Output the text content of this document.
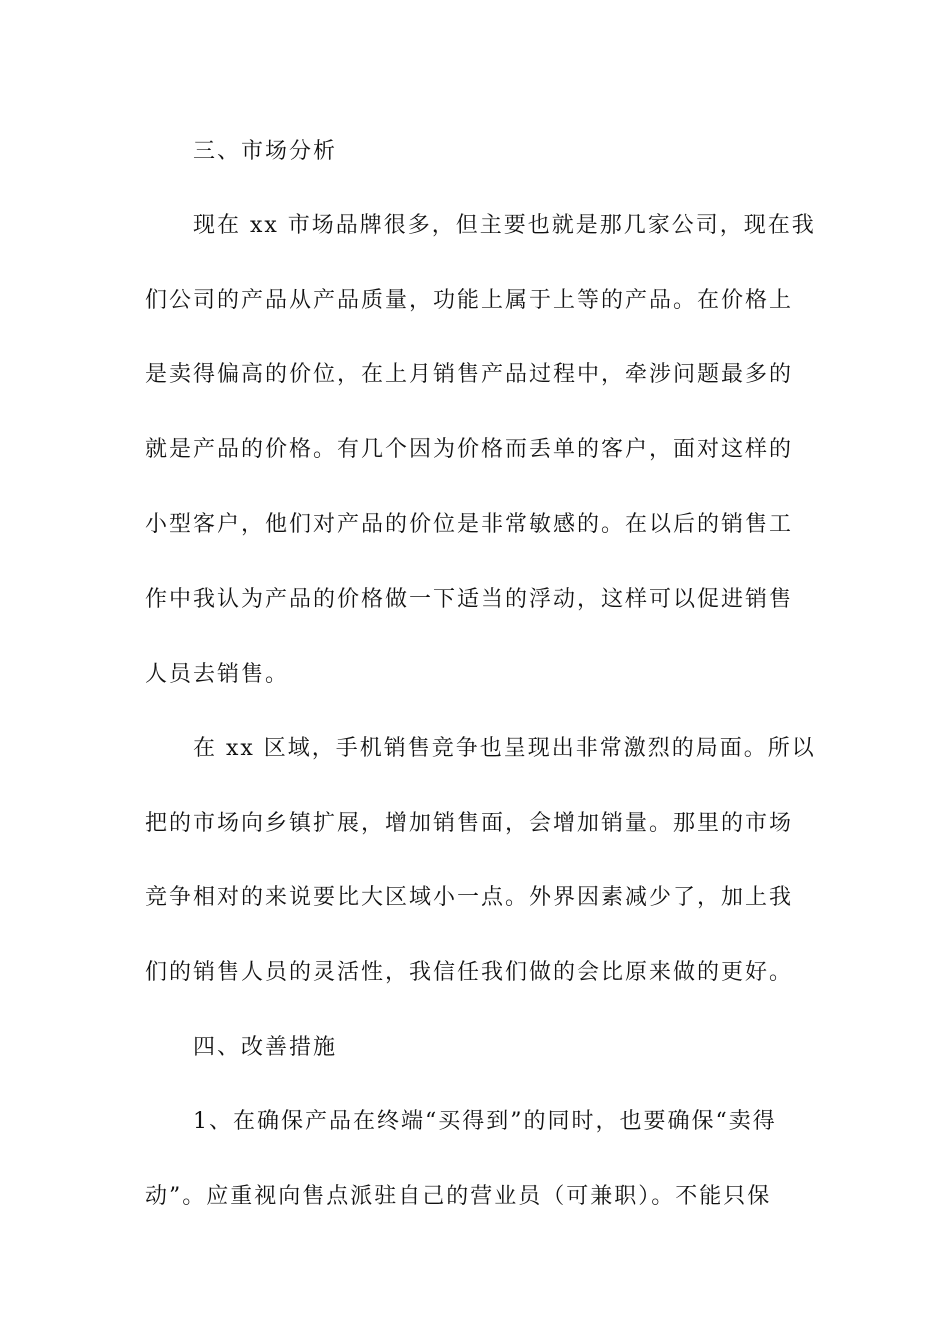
三、市场分析
现在 xx 市场品牌很多，但主要也就是那几家公司，现在我
们公司的产品从产品质量，功能上属于上等的产品。在价格上
是卖得偏高的价位，在上月销售产品过程中，牵涉问题最多的
就是产品的价格。有几个因为价格而丢单的客户，面对这样的
小型客户，他们对产品的价位是非常敏感的。在以后的销售工
作中我认为产品的价格做一下适当的浮动，这样可以促进销售
人员去销售。
在 xx 区域，手机销售竞争也呈现出非常激烈的局面。所以
把的市场向乡镇扩展，增加销售面，会增加销量。那里的市场
竞争相对的来说要比大区域小一点。外界因素减少了，加上我
们的销售人员的灵活性，我信任我们做的会比原来做的更好。
四、改善措施
1、在确保产品在终端“买得到”的同时，也要确保“卖得
动”。应重视向售点派驻自己的营业员（可兼职）。不能只保
